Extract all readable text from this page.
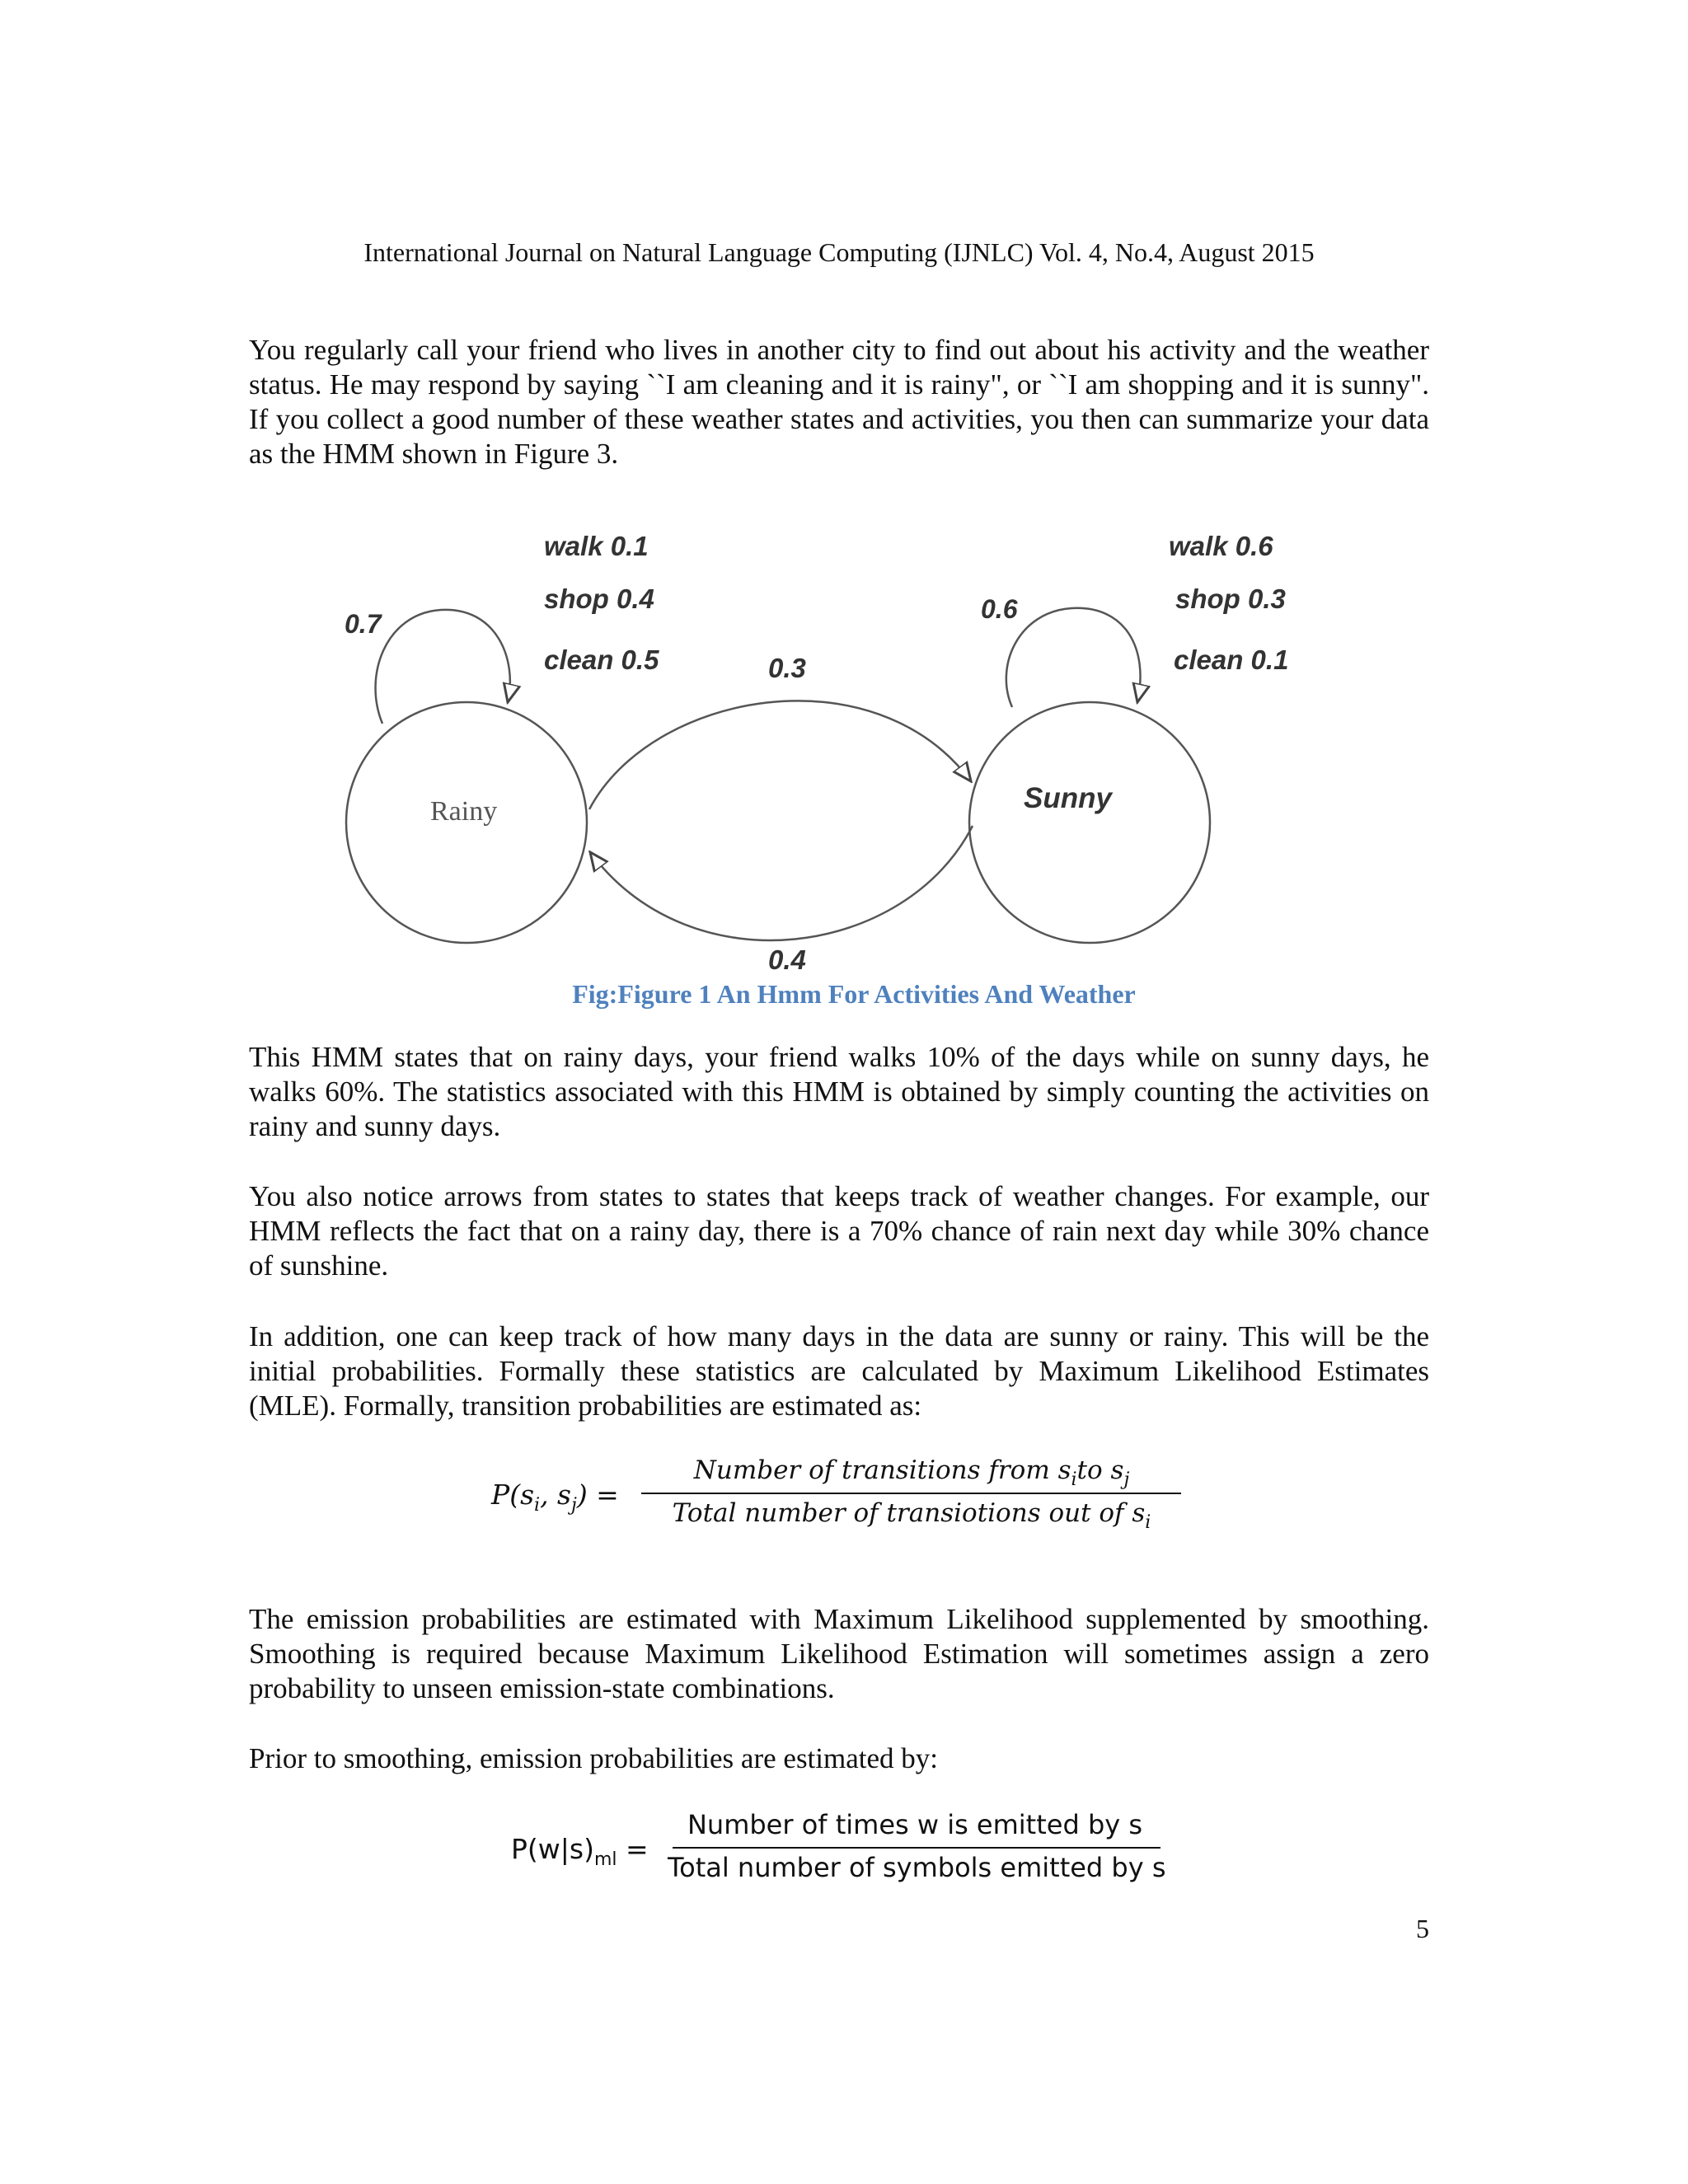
International Journal on Natural Language Computing (IJNLC) Vol. 4, No.4, August 2015

You regularly call your friend who lives in another city to find out about his activity and the weather status. He may respond by saying ``I am cleaning and it is rainy", or ``I am shopping and it is sunny". If you collect a good number of these weather states and activities, you then can summarize your data as the HMM shown in Figure 3.

Rainy	Sunny
0.7	0.6
walk 0.1
shop 0.4
clean 0.5
walk 0.6
shop 0.3
clean 0.1
0.3
0.4
Fig:Figure 1 An Hmm For Activities And Weather

This HMM states that on rainy days, your friend walks 10% of the days while on sunny days, he walks 60%. The statistics associated with this HMM is obtained by simply counting the activities on rainy and sunny days.

You also notice arrows from states to states that keeps track of weather changes. For example, our HMM reflects the fact that on a rainy day, there is a 70% chance of rain next day while 30% chance of sunshine.

In addition, one can keep track of how many days in the data are sunny or rainy. This will be the initial probabilities. Formally these statistics are calculated by Maximum Likelihood Estimates (MLE). Formally, transition probabilities are estimated as:

$P(s_i$, $s_j$) =
Number of transitions from $s_ito$ $s_j$
Total number of transiotions out of $s_i$

The emission probabilities are estimated with Maximum Likelihood supplemented by smoothing. Smoothing is required because Maximum Likelihood Estimation will sometimes assign a zero probability to unseen emission-state combinations.

Prior to smoothing, emission probabilities are estimated by:

$P(w|s)_{ml}$ =
Number of times w is emitted by s
Total number of symbols emitted by s
5
